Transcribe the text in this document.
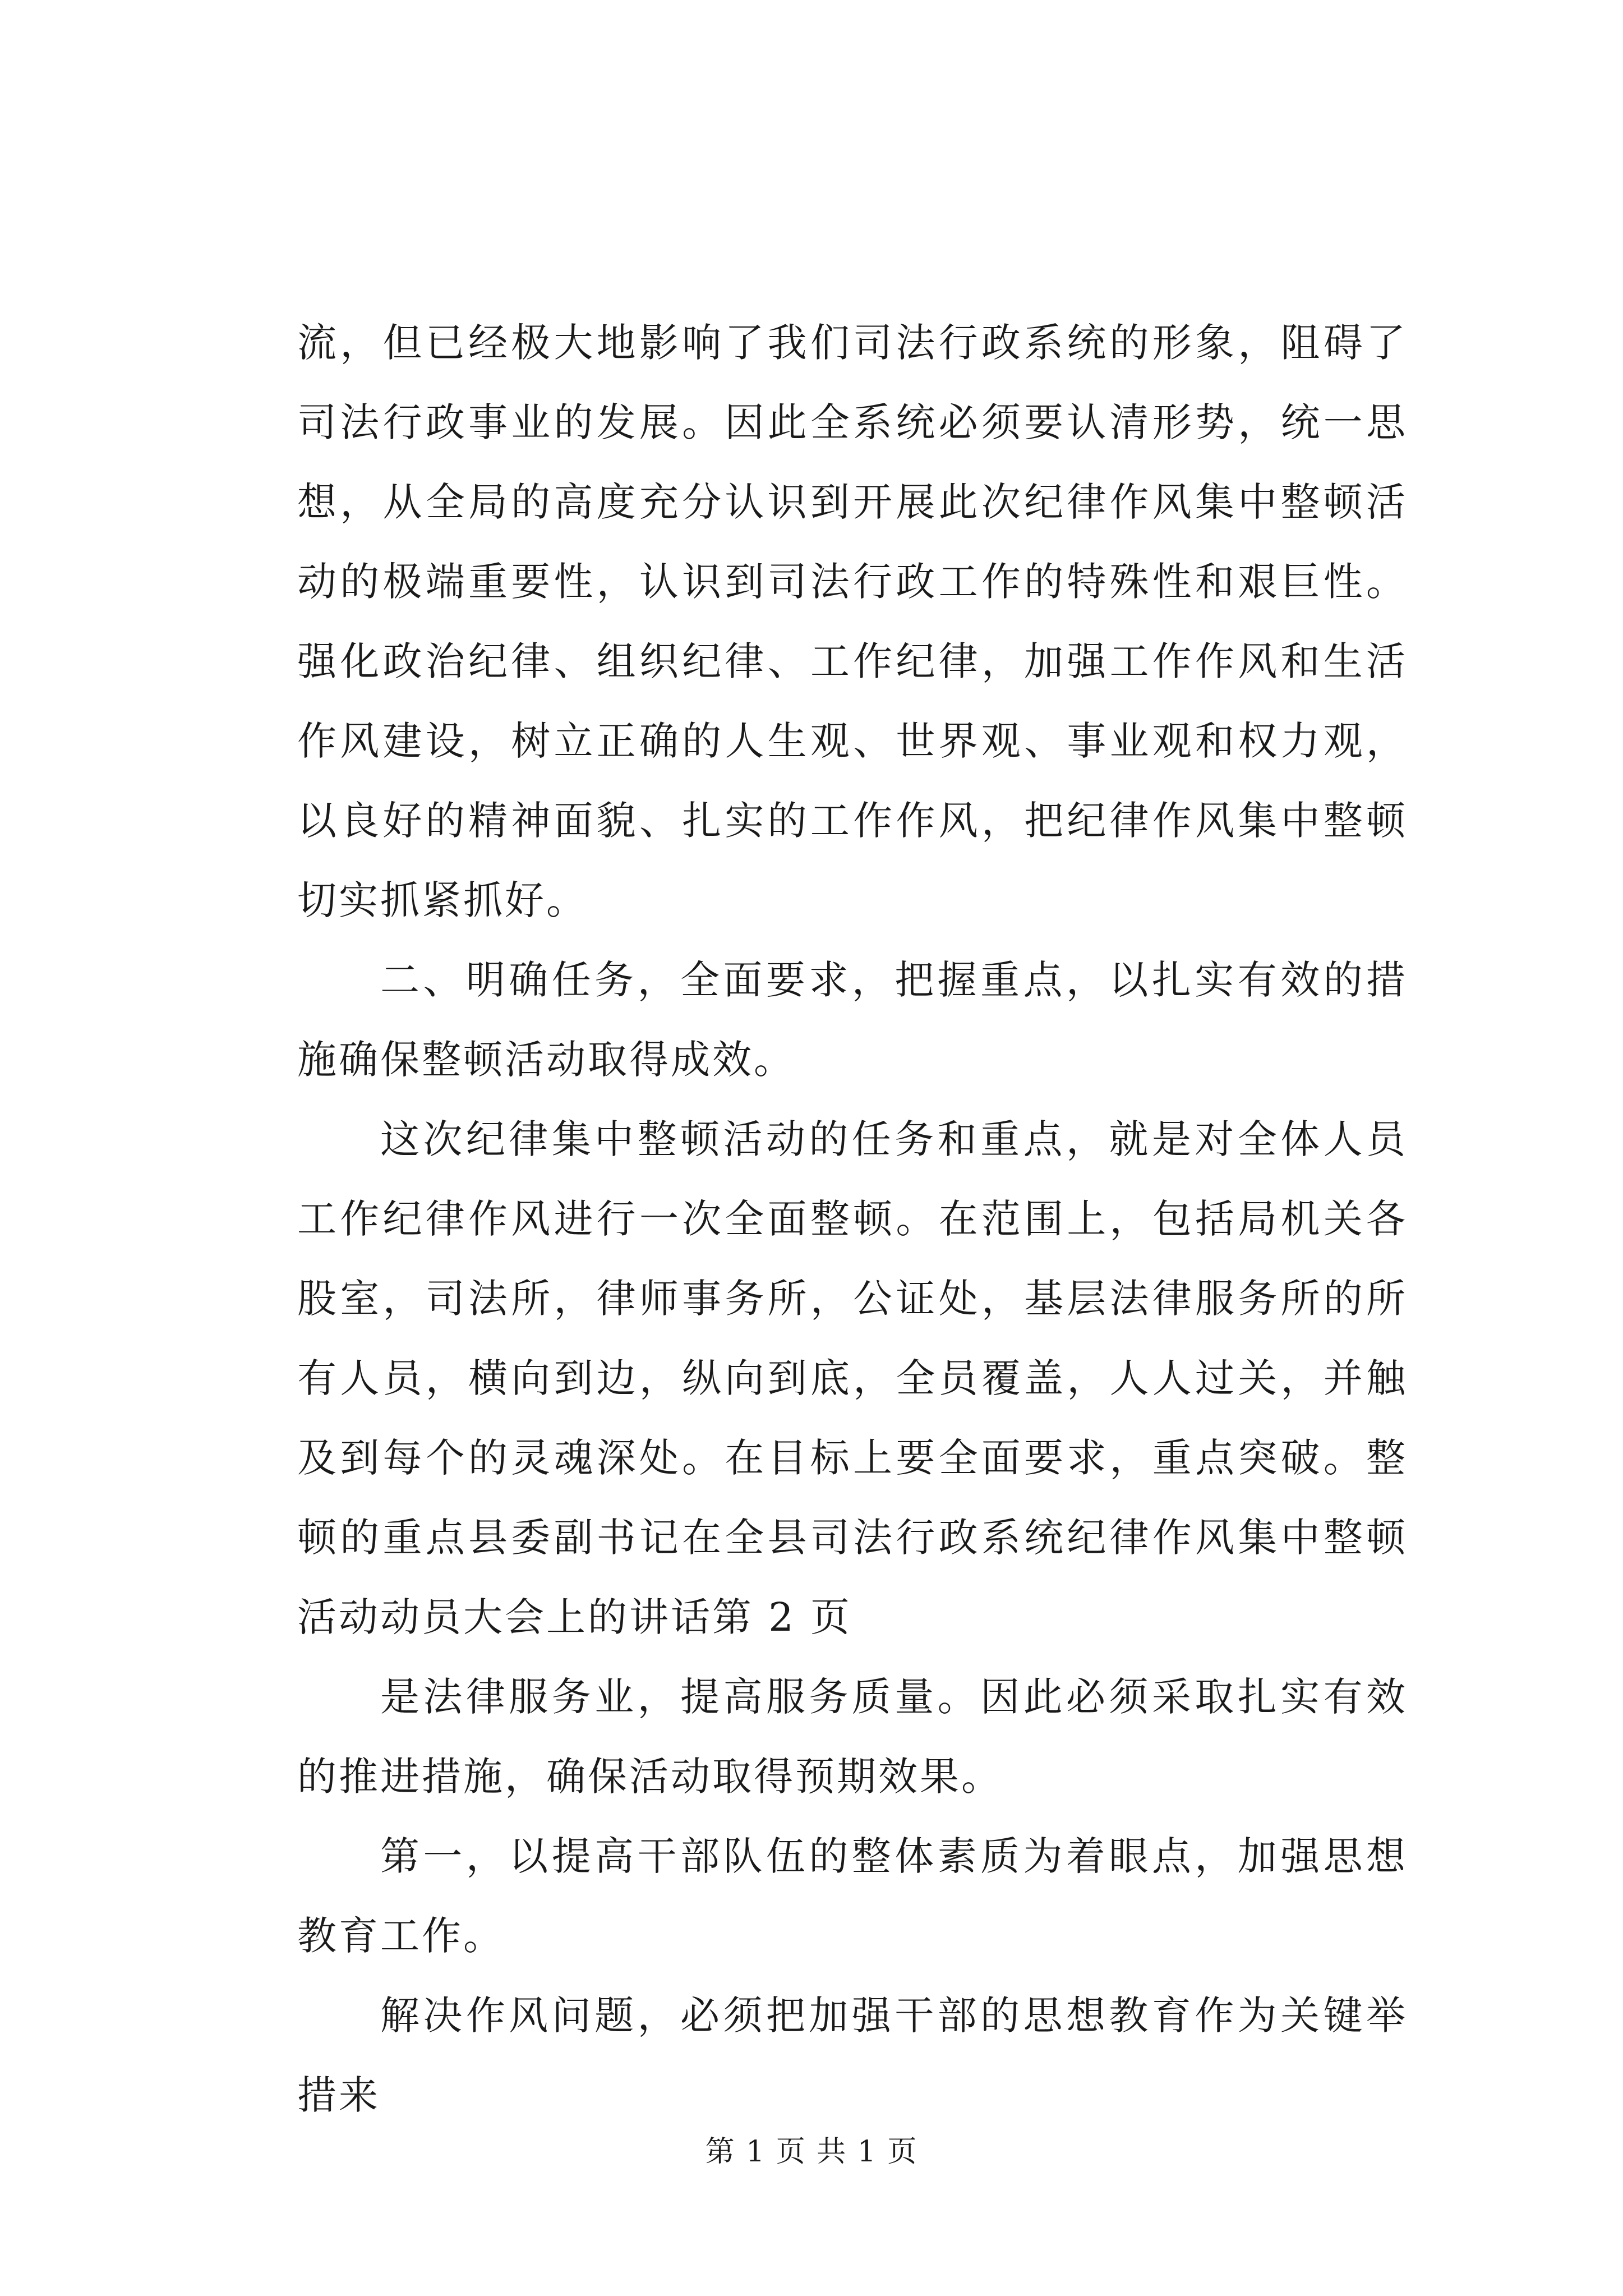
流，但已经极大地影响了我们司法行政系统的形象，阻碍了司法行政事业的发展。因此全系统必须要认清形势，统一思想，从全局的高度充分认识到开展此次纪律作风集中整顿活动的极端重要性，认识到司法行政工作的特殊性和艰巨性。强化政治纪律、组织纪律、工作纪律，加强工作作风和生活作风建设，树立正确的人生观、世界观、事业观和权力观，以良好的精神面貌、扎实的工作作风，把纪律作风集中整顿切实抓紧抓好。

二、明确任务，全面要求，把握重点，以扎实有效的措施确保整顿活动取得成效。

这次纪律集中整顿活动的任务和重点，就是对全体人员工作纪律作风进行一次全面整顿。在范围上，包括局机关各股室，司法所，律师事务所，公证处，基层法律服务所的所有人员，横向到边，纵向到底，全员覆盖，人人过关，并触及到每个的灵魂深处。在目标上要全面要求，重点突破。整顿的重点县委副书记在全县司法行政系统纪律作风集中整顿活动动员大会上的讲话第 2 页

是法律服务业，提高服务质量。因此必须采取扎实有效的推进措施，确保活动取得预期效果。

第一，以提高干部队伍的整体素质为着眼点，加强思想教育工作。

解决作风问题，必须把加强干部的思想教育作为关键举措来

第 1 页 共 1 页
